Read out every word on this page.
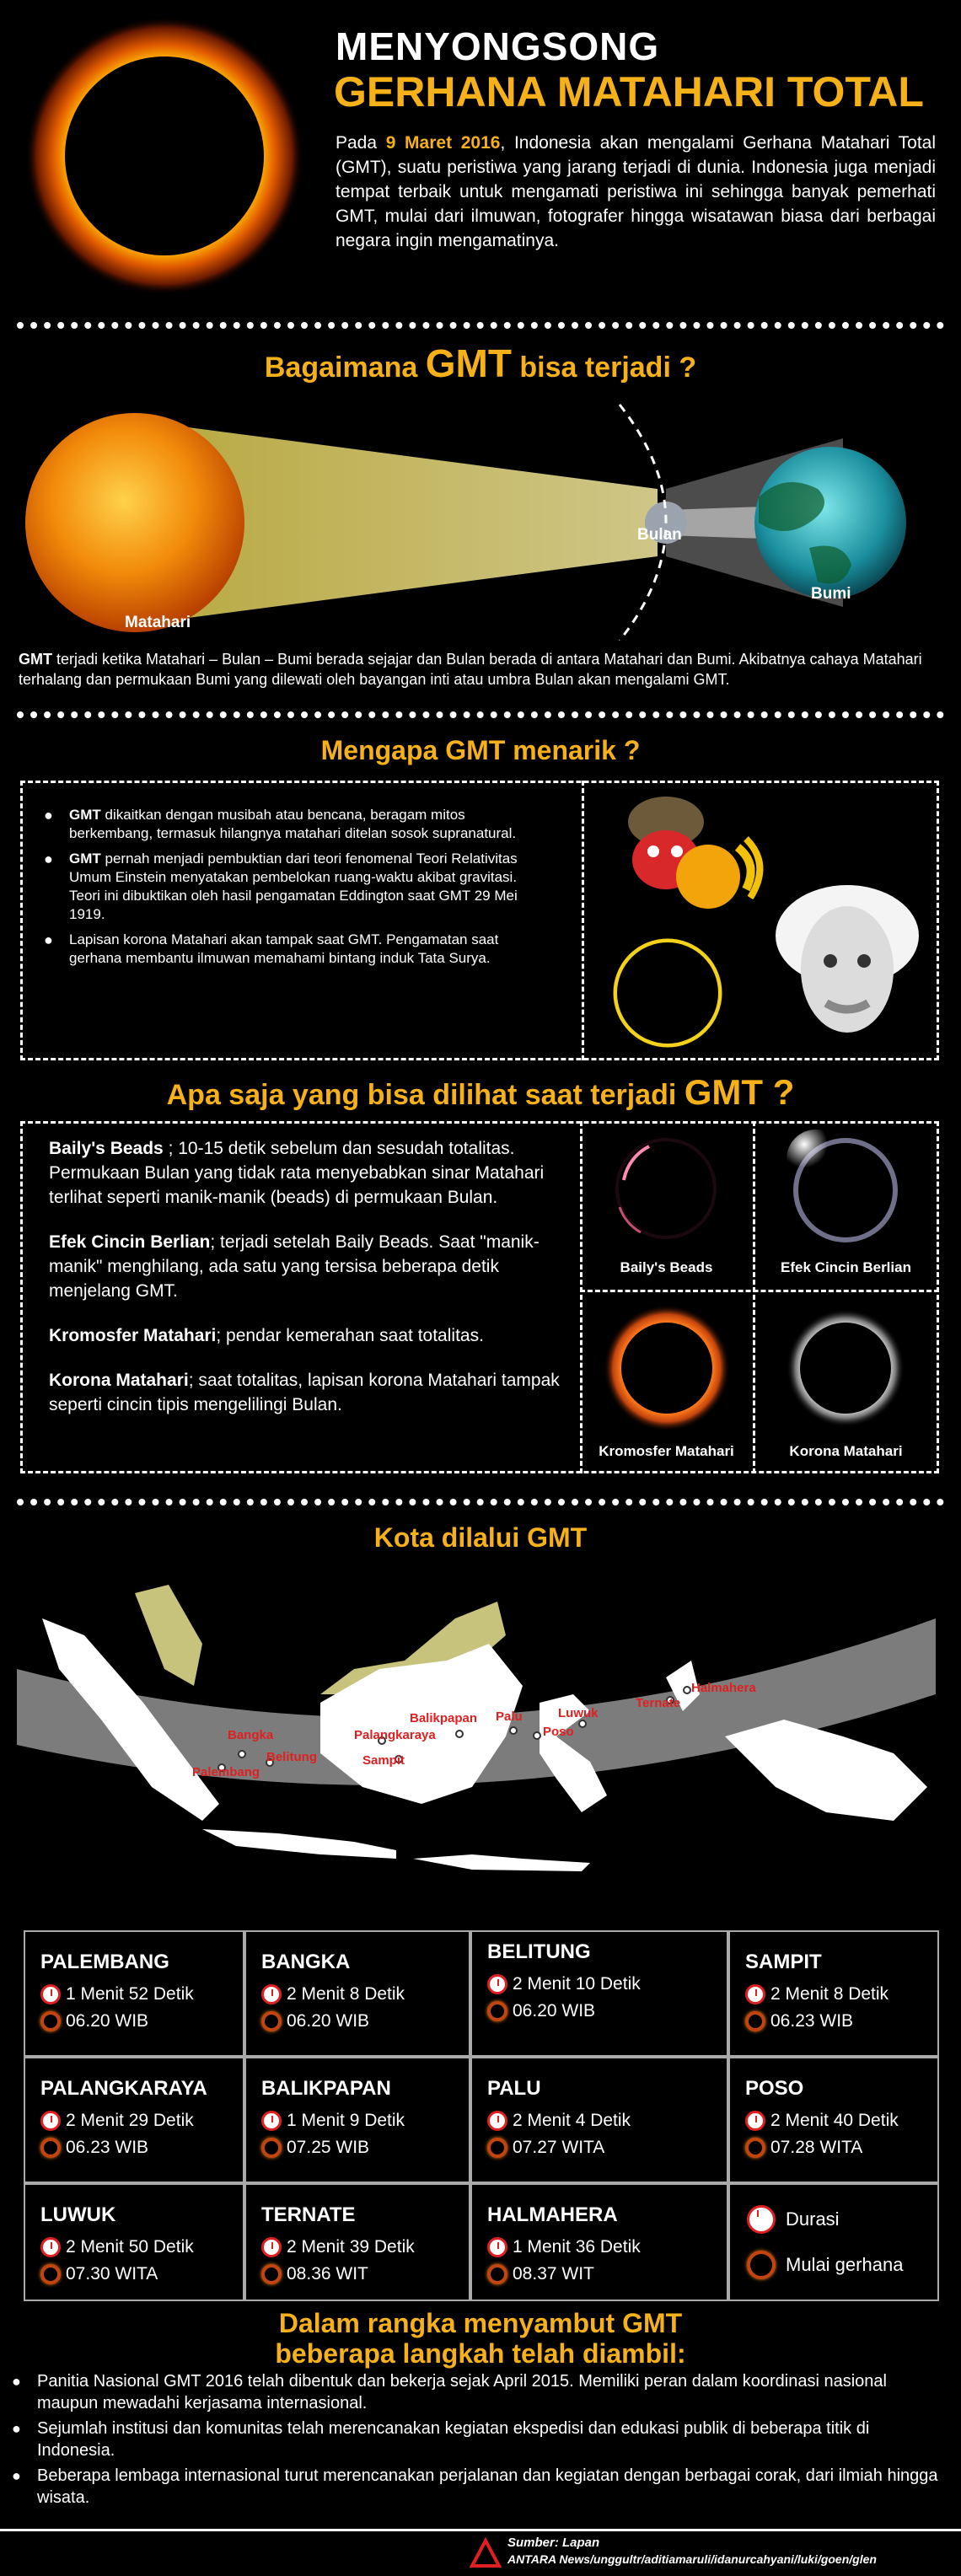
MENYONGSONG
GERHANA MATAHARI TOTAL

Pada 9 Maret 2016, Indonesia akan mengalami Gerhana Matahari Total (GMT), suatu peristiwa yang jarang terjadi di dunia. Indonesia juga menjadi tempat terbaik untuk mengamati peristiwa ini sehingga banyak pemerhati GMT, mulai dari ilmuwan, fotografer hingga wisatawan biasa dari berbagai negara ingin mengamatinya.

Bagaimana GMT bisa terjadi ?
Matahari
Bulan
Bumi

GMT terjadi ketika Matahari – Bulan – Bumi berada sejajar dan Bulan berada di antara Matahari dan Bumi. Akibatnya cahaya Matahari terhalang dan permukaan Bumi yang dilewati oleh bayangan inti atau umbra Bulan akan mengalami GMT.

Mengapa GMT menarik ?
● GMT dikaitkan dengan musibah atau bencana, beragam mitos berkembang, termasuk hilangnya matahari ditelan sosok supranatural.
● GMT pernah menjadi pembuktian dari teori fenomenal Teori Relativitas Umum Einstein menyatakan pembelokan ruang-waktu akibat gravitasi. Teori ini dibuktikan oleh hasil pengamatan Eddington saat GMT 29 Mei 1919.
● Lapisan korona Matahari akan tampak saat GMT. Pengamatan saat gerhana membantu ilmuwan memahami bintang induk Tata Surya.
Apa saja yang bisa dilihat saat terjadi GMT ?

Baily's Beads ; 10-15 detik sebelum dan sesudah totalitas. Permukaan Bulan yang tidak rata menyebabkan sinar Matahari terlihat seperti manik-manik (beads) di permukaan Bulan.

Efek Cincin Berlian; terjadi setelah Baily Beads. Saat "manik-manik" menghilang, ada satu yang tersisa beberapa detik menjelang GMT.

Kromosfer Matahari; pendar kemerahan saat totalitas.

Korona Matahari; saat totalitas, lapisan korona Matahari tampak seperti cincin tipis mengelilingi Bulan.

Baily's Beads	Efek Cincin Berlian
Kromosfer Matahari	Korona Matahari
Kota dilalui GMT
Bangka
Palembang
Belitung
Palangkaraya
Sampit
Balikpapan Palu
Poso
Luwuk
Ternate
Halmahera
PALEMBANG
1 Menit 52 Detik
06.20 WIB
BANGKA
2 Menit 8 Detik
06.20 WIB
BELITUNG
2 Menit 10 Detik
06.20 WIB
SAMPIT
2 Menit 8 Detik
06.23 WIB
PALANGKARAYA
2 Menit 29 Detik
06.23 WIB
BALIKPAPAN
1 Menit 9 Detik
07.25 WIB
PALU
2 Menit 4 Detik
07.27 WITA
POSO
2 Menit 40 Detik
07.28 WITA
LUWUK
2 Menit 50 Detik
07.30 WITA
TERNATE
2 Menit 39 Detik
08.36 WIT
HALMAHERA
1 Menit 36 Detik
08.37 WIT
Durasi
Mulai gerhana
Dalam rangka menyambut GMT
beberapa langkah telah diambil:
● Panitia Nasional GMT 2016 telah dibentuk dan bekerja sejak April 2015. Memiliki peran dalam koordinasi nasional maupun mewadahi kerjasama internasional.
● Sejumlah institusi dan komunitas telah merencanakan kegiatan ekspedisi dan edukasi publik di beberapa titik di Indonesia.
● Beberapa lembaga internasional turut merencanakan perjalanan dan kegiatan dengan berbagai corak, dari ilmiah hingga wisata.
Sumber: Lapan
ANTARA News/unggultr/aditiamaruli/idanurcahyani/luki/goen/glen
